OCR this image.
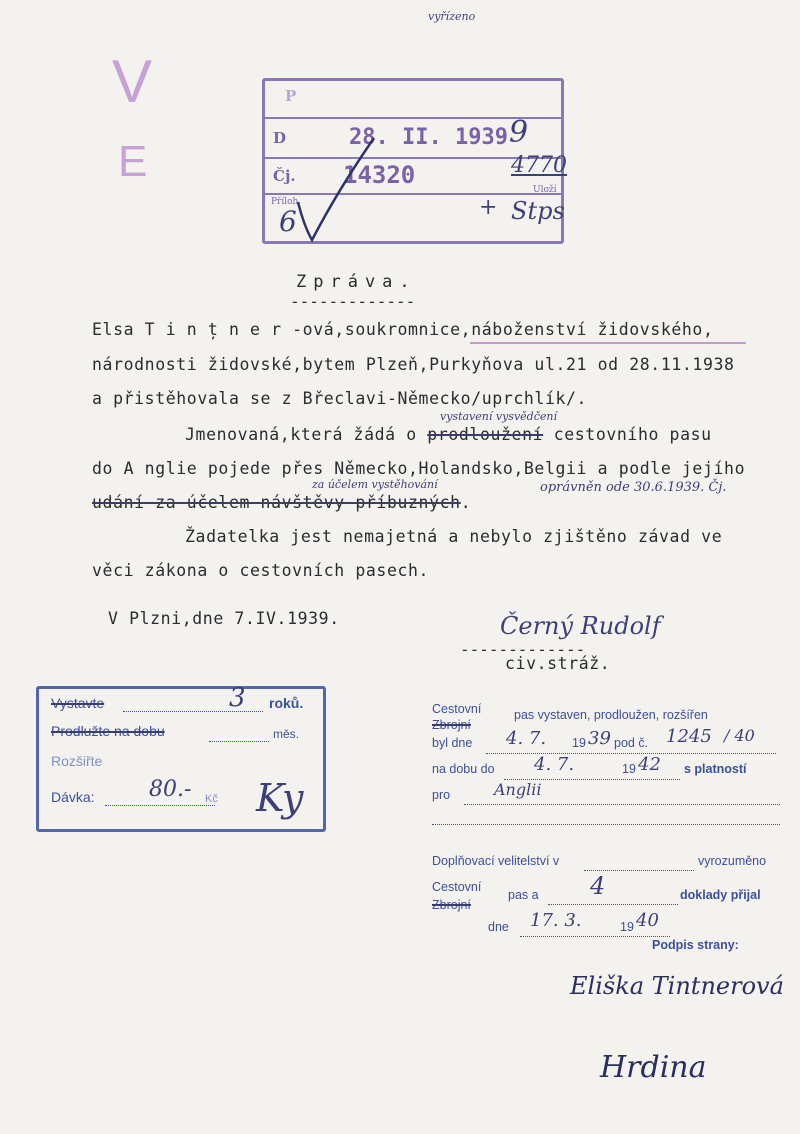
vyřízeno
V
E
P
D	28. II. 1939
Čj. 14320
Příloh
Uloží
6
9
4770
+ Stps
Zpráva.
-------------
Elsa T i n ț n e r -ová,soukromnice,náboženství židovského,
národnosti židovské,bytem Plzeň,Purkyňova ul.21 od 28.11.1938
a přistěhovala se z Břeclavi-Německo/uprchlík/.
vystavení vysvědčení
Jmenovaná,která žádá o prodloužení cestovního pasu
do A nglie pojede přes Německo,Holandsko,Belgii a podle jejího
za účelem vystěhování
udání za účelem návštěvy příbuzných.
oprávněn ode 30.6.1939. Čj.
Žadatelka jest nemajetná a nebylo zjištěno závad ve
věci zákona o cestovních pasech.
V Plzni,dne 7.IV.1939.	Černý Rudolf
-------------
civ.stráž.
Vystavte	3 roků.
Prodlužte na dobu	měs.
Rozšiřte
Dávka: 80.- Kč Ky
Cestovní
Zbrojní
pas vystaven, prodloužen, rozšířen
byl dne 4. 7. 19 39 pod č. 1245 / 40
na dobu do 4. 7.	19 42 s platností
pro	Anglii
Doplňovací velitelství v	vyrozuměno
Cestovní
Zbrojní
pas a 4	doklady přijal
dne 17. 3.	19 40
Podpis strany:
Eliška Tintnerová
Hrdina
